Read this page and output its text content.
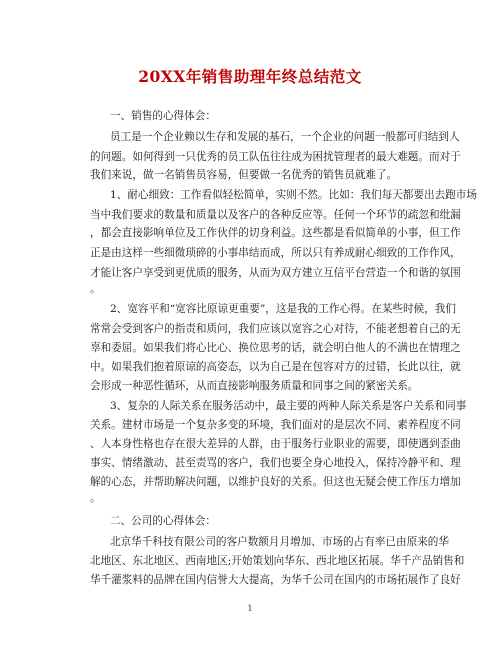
20XX年销售助理年终总结范文
一、销售的心得体会：
员工是一个企业赖以生存和发展的基石，一个企业的问题一般都可归结到人
的问题。如何得到一只优秀的员工队伍往往成为困扰管理者的最大难题。而对于
我们来说，做一名销售员容易，但要做一名优秀的销售员就难了。
1、耐心细致：工作看似轻松简单，实则不然。比如：我们每天都要出去跑市场
当中我们要求的数量和质量以及客户的各种反应等。任何一个环节的疏忽和纰漏
，都会直接影响单位及工作伙伴的切身利益。这些都是看似简单的小事，但工作
正是由这样一些细微琐碎的小事串结而成，所以只有养成耐心细致的工作作风，
才能让客户享受到更优质的服务，从而为双方建立互信平台营造一个和谐的氛围
。
2、宽容平和“宽容比原谅更重要”，这是我的工作心得。在某些时候，我们
常常会受到客户的指责和质问，我们应该以宽容之心对待，不能老想着自己的无
辜和委屈。如果我们将心比心、换位思考的话，就会明白他人的不满也在情理之
中。如果我们抱着原谅的高姿态，以为自己是在包容对方的过错，长此以往，就
会形成一种恶性循环，从而直接影响服务质量和同事之间的紧密关系。
3、复杂的人际关系在服务活动中，最主要的两种人际关系是客户关系和同事
关系。建材市场是一个复杂多变的环境，我们面对的是层次不同、素养程度不同
、人本身性格也存在很大差异的人群，由于服务行业职业的需要，即使遇到歪曲
事实、情绪激动、甚至责骂的客户，我们也要全身心地投入，保持冷静平和、理
解的心态，并帮助解决问题，以维护良好的关系。但这也无疑会使工作压力增加
。
二、公司的心得体会：
北京华千科技有限公司的客户数额月月增加、市场的占有率已由原来的华
北地区、东北地区、西南地区;开始策划向华东、西北地区拓展。华千产品销售和
华千灌浆料的品牌在国内信誉大大提高，为华千公司在国内的市场拓展作了良好
1
